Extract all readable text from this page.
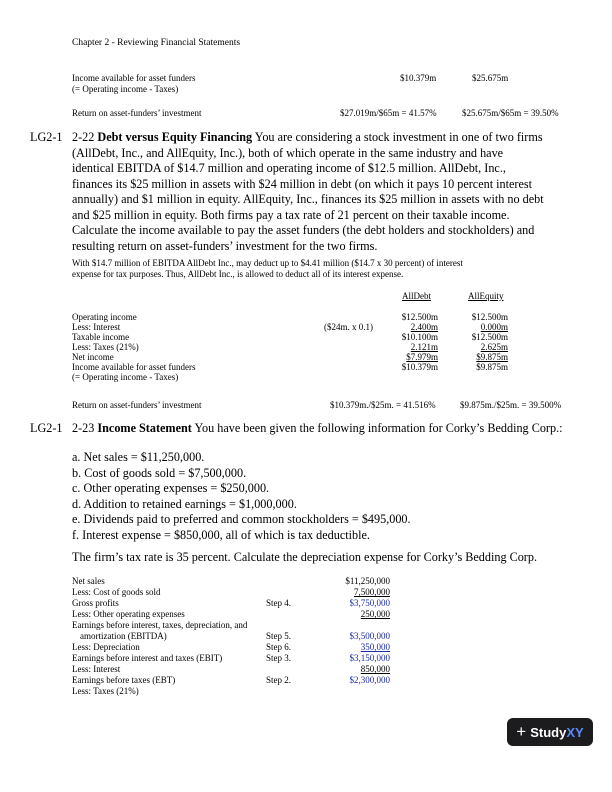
Chapter 2 - Reviewing Financial Statements
Income available for asset funders
(= Operating income - Taxes)
$10.379m	$25.675m
Return on asset-funders’ investment	$27.019m/$65m = 41.57%	$25.675m/$65m = 39.50%
LG2-1 2-22 Debt versus Equity Financing You are considering a stock investment in one of two firms
(AllDebt, Inc., and AllEquity, Inc.), both of which operate in the same industry and have
identical EBITDA of $14.7 million and operating income of $12.5 million. AllDebt, Inc.,
finances its $25 million in assets with $24 million in debt (on which it pays 10 percent interest
annually) and $1 million in equity. AllEquity, Inc., finances its $25 million in assets with no debt
and $25 million in equity. Both firms pay a tax rate of 21 percent on their taxable income.
Calculate the income available to pay the asset funders (the debt holders and stockholders) and
resulting return on asset-funders’ investment for the two firms.
With $14.7 million of EBITDA AllDebt Inc., may deduct up to $4.41 million ($14.7 x 30 percent) of interest
expense for tax purposes. Thus, AllDebt Inc., is allowed to deduct all of its interest expense.
AllDebt	AllEquity
Operating income	$12.500m	$12.500m
Less: Interest	($24m. x 0.1)	2.400m	0.000m
Taxable income	$10.100m	$12.500m
Less: Taxes (21%)	2.121m	2.625m
Net income	$7.979m	$9.875m
Income available for asset funders	$10.379m	$9.875m
(= Operating income - Taxes)
Return on asset-funders’ investment	$10.379m./$25m. = 41.516%	$9.875m./$25m. = 39.500%
LG2-1 2-23 Income Statement You have been given the following information for Corky’s Bedding Corp.:
a. Net sales = $11,250,000.
b. Cost of goods sold = $7,500,000.
c. Other operating expenses = $250,000.
d. Addition to retained earnings = $1,000,000.
e. Dividends paid to preferred and common stockholders = $495,000.
f. Interest expense = $850,000, all of which is tax deductible.
The firm’s tax rate is 35 percent. Calculate the depreciation expense for Corky’s Bedding Corp.
Net sales	$11,250,000
Less: Cost of goods sold	7,500,000
Gross profits	Step 4.	$3,750,000
Less: Other operating expenses	250,000
Earnings before interest, taxes, depreciation, and
amortization (EBITDA)	Step 5.	$3,500,000
Less: Depreciation	Step 6.	350,000
Earnings before interest and taxes (EBIT)	Step 3.	$3,150,000
Less: Interest	850,000
Earnings before taxes (EBT)	Step 2.	$2,300,000
Less: Taxes (21%)
+ Study XY
